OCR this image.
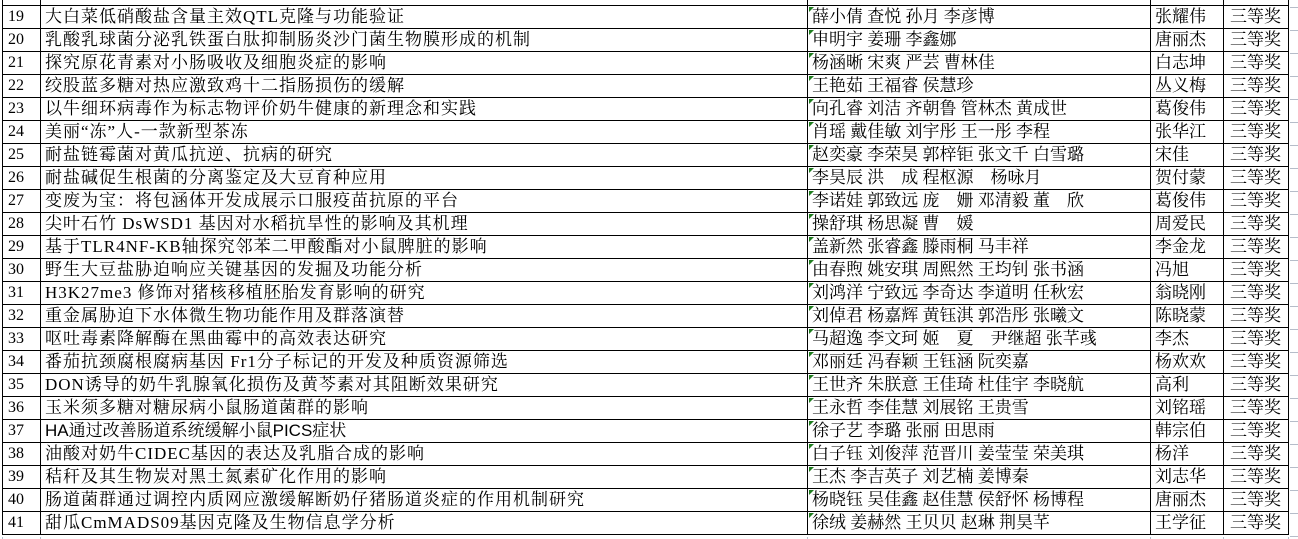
19	大白菜低硝酸盐含量主效QTL克隆与功能验证	薛小倩 查悦 孙月 李彦博	张耀伟	三等奖
20	乳酸乳球菌分泌乳铁蛋白肽抑制肠炎沙门菌生物膜形成的机制	申明宇 姜珊 李鑫娜	唐丽杰	三等奖
21	探究原花青素对小肠吸收及细胞炎症的影响	杨涵晰 宋爽 严芸 曹林佳	白志坤	三等奖
22	绞股蓝多糖对热应激致鸡十二指肠损伤的缓解	王艳茹 王福睿 侯慧珍	丛义梅	三等奖
23	以牛细环病毒作为标志物评价奶牛健康的新理念和实践	向孔睿 刘洁 齐朝鲁 管林杰 黄成世	葛俊伟	三等奖
24	美丽“冻”人-一款新型茶冻	肖瑶 戴佳敏 刘宇彤 王一彤 李程	张华江	三等奖
25	耐盐链霉菌对黄瓜抗逆、抗病的研究	赵奕豪 李荣昊 郭梓钜 张文千 白雪璐	宋佳	三等奖
26	耐盐碱促生根菌的分离鉴定及大豆育种应用	李昊辰 洪　成 程枢源　杨咏月	贺付蒙	三等奖
27	变废为宝：将包涵体开发成展示口服疫苗抗原的平台	李诺娃 郭致远 庞　姗 邓清毅 董　欣	葛俊伟	三等奖
28	尖叶石竹 DsWSD1 基因对水稻抗旱性的影响及其机理	操舒琪 杨思凝 曹　媛	周爱民	三等奖
29	基于TLR4NF-ΚB轴探究邻苯二甲酸酯对小鼠脾脏的影响	盖新然 张睿鑫 滕雨桐 马丰祥	李金龙	三等奖
30	野生大豆盐胁迫响应关键基因的发掘及功能分析	由春煦 姚安琪 周熙然 王均钊 张书涵	冯旭	三等奖
31	H3K27me3 修饰对猪核移植胚胎发育影响的研究	刘鸿洋 宁致远 李奇达 李道明 任秋宏	翁晓刚	三等奖
32	重金属胁迫下水体微生物功能作用及群落演替	刘倬君 杨嘉辉 黄钰淇 郭浩彤 张曦文	陈晓蒙	三等奖
33	呕吐毒素降解酶在黑曲霉中的高效表达研究	马超逸 李文珂 姬　夏　尹继超 张芊彧	李杰	三等奖
34	番茄抗颈腐根腐病基因 Fr1分子标记的开发及种质资源筛选	邓丽廷 冯春颖 王钰涵 阮奕嘉	杨欢欢	三等奖
35	DON诱导的奶牛乳腺氧化损伤及黄芩素对其阻断效果研究	王世齐 朱朕意 王佳琦 杜佳宇 李晓航	高利	三等奖
36	玉米须多糖对糖尿病小鼠肠道菌群的影响	王永哲 李佳慧 刘展铭 王贵雪	刘铭瑶	三等奖
37	HA通过改善肠道系统缓解小鼠PICS症状	徐子艺 李璐 张丽 田思雨	韩宗伯	三等奖
38	油酸对奶牛CIDEC基因的表达及乳脂合成的影响	白子钰 刘俊萍 范晋川 姜莹莹 荣美琪	杨洋	三等奖
39	秸秆及其生物炭对黑土氮素矿化作用的影响	王杰 李吉英子 刘艺楠 姜博秦	刘志华	三等奖
40	肠道菌群通过调控内质网应激缓解断奶仔猪肠道炎症的作用机制研究	杨晓钰 吴佳鑫 赵佳慧 侯舒怀 杨博程	唐丽杰	三等奖
41	甜瓜CmMADS09基因克隆及生物信息学分析	徐绒 姜赫然 王贝贝 赵琳 荆昊芊	王学征	三等奖
